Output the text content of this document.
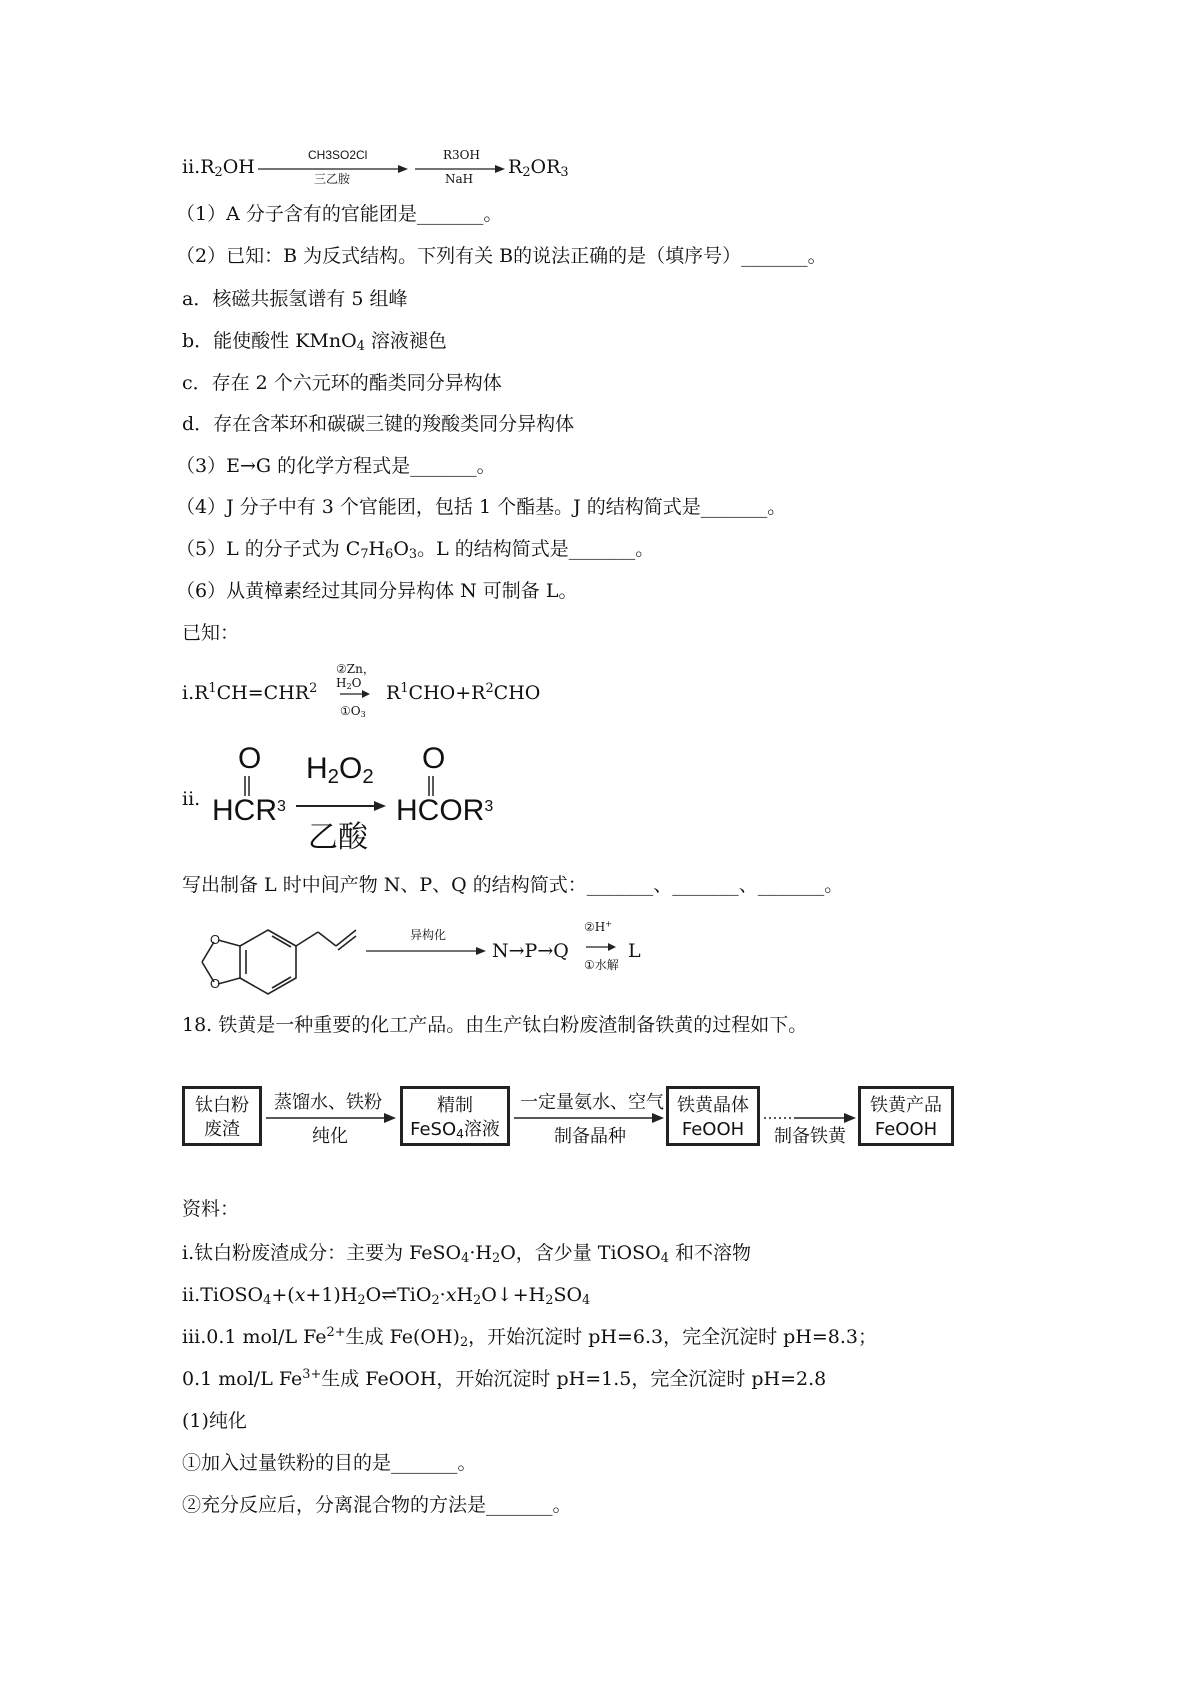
$ii.R_2OH$
CH3SO2Cl
三乙胺
R3OH
NaH
$R_2OR_3$
（1）A 分子含有的官能团是_______。
（2）已知：B 为反式结构。下列有关 B的说法正确的是（填序号）_______。
a．核磁共振氢谱有 5 组峰
b．能使酸性 KMnO$_4$ 溶液褪色
c．存在 2 个六元环的酯类同分异构体
d．存在含苯环和碳碳三键的羧酸类同分异构体
（3）E→G 的化学方程式是_______。
（4）J 分子中有 3 个官能团，包括 1 个酯基。J 的结构简式是_______。
（5）L 的分子式为 $C_7H_6O_3$。L 的结构简式是_______。
（6）从黄樟素经过其同分异构体 N 可制备 L。
已知：
$i.R^1CH=CHR^2$
②Zn，$H_2O$
$①O_3$
$R^1CHO+R^2CHO$
ii.
O
HCR$^3$
$H_2O_2$
乙酸
O
HCOR$^3$
写出制备 L 时中间产物 N、P、Q 的结构简式：_______、_______、_______。
O
O
异构化
N→P→Q
②H+
①水解
L
18. 铁黄是一种重要的化工产品。由生产钛白粉废渣制备铁黄的过程如下。
钛白粉
废渣
蒸馏水、铁粉
纯化
精制
FeSO$_4$溶液
一定量氨水、空气
制备晶种
铁黄晶体
FeOOH	制备铁黄
铁黄产品
FeOOH
资料：
i.钛白粉废渣成分：主要为 $FeSO_4\cdot H_2O$，含少量 TiOSO$_4$ 和不溶物
$ii.TiOSO_4+(x+1)H_2O\rightleftharpoons TiO_2\cdot xH_2O↓+H_2SO_4$
iii.0.1 mol/L $Fe^{2+}$生成 $Fe(OH)_2$，开始沉淀时 pH=6.3，完全沉淀时 pH=8.3；
0.1 mol/L $Fe^{3+}$生成 FeOOH，开始沉淀时 pH=1.5，完全沉淀时 pH=2.8
(1)纯化
①加入过量铁粉的目的是_______。
②充分反应后，分离混合物的方法是_______。
